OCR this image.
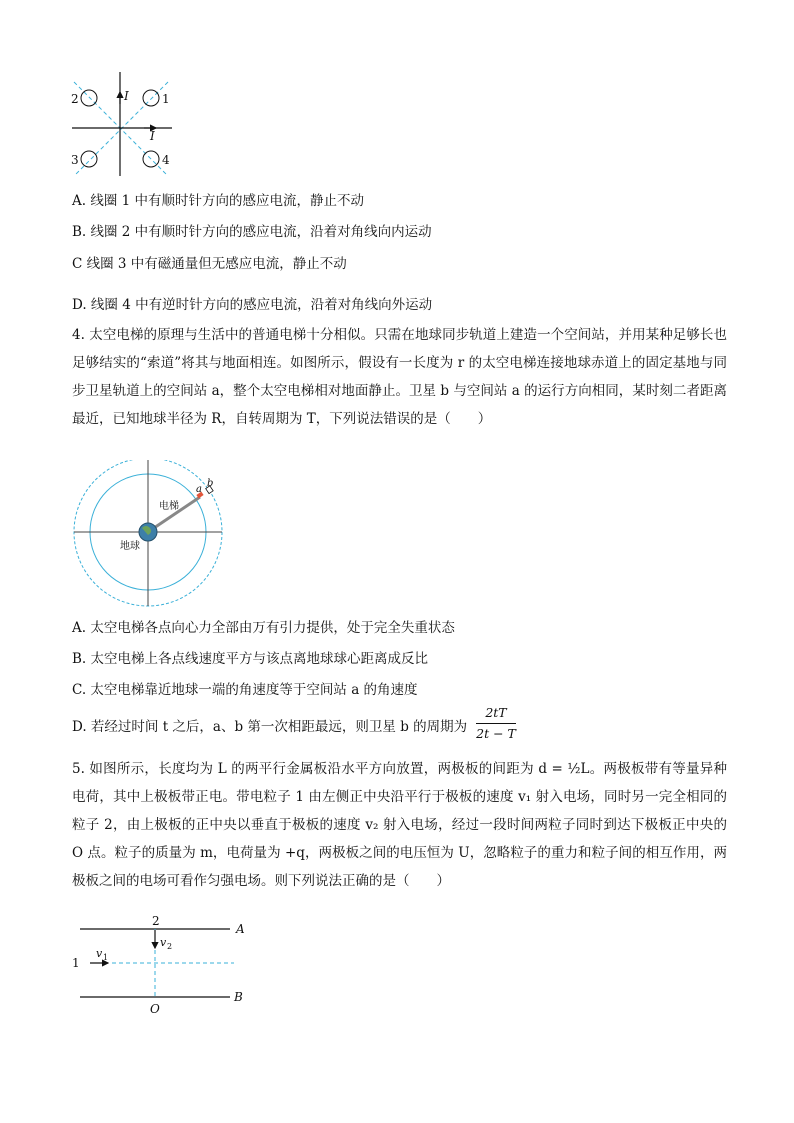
2	1
3	4
I
I
A. 线圈 1 中有顺时针方向的感应电流，静止不动
B. 线圈 2 中有顺时针方向的感应电流，沿着对角线向内运动
C 线圈 3 中有磁通量但无感应电流，静止不动
D. 线圈 4 中有逆时针方向的感应电流，沿着对角线向外运动
4. 太空电梯的原理与生活中的普通电梯十分相似。只需在地球同步轨道上建造一个空间站，并用某种足够长也足够结实的“索道”将其与地面相连。如图所示，假设有一长度为 r 的太空电梯连接地球赤道上的固定基地与同步卫星轨道上的空间站 a，整个太空电梯相对地面静止。卫星 b 与空间站 a 的运行方向相同，某时刻二者距离最近，已知地球半径为 R，自转周期为 T，下列说法错误的是（　　）
电梯
地球
a
b
A. 太空电梯各点向心力全部由万有引力提供，处于完全失重状态
B. 太空电梯上各点线速度平方与该点离地球球心距离成反比
C. 太空电梯靠近地球一端的角速度等于空间站 a 的角速度
D. 若经过时间 t 之后，a、b 第一次相距最远，则卫星 b 的周期为
2tT
2t − T
5. 如图所示，长度均为 L 的两平行金属板沿水平方向放置，两极板的间距为 d = ½L。两极板带有等量异种电荷，其中上极板带正电。带电粒子 1 由左侧正中央沿平行于极板的速度 v₁ 射入电场，同时另一完全相同的粒子 2，由上极板的正中央以垂直于极板的速度 v₂ 射入电场，经过一段时间两粒子同时到达下极板正中央的 O 点。粒子的质量为 m，电荷量为 +q，两极板之间的电压恒为 U，忽略粒子的重力和粒子间的相互作用，两极板之间的电场可看作匀强电场。则下列说法正确的是（　　）
2
v 2
A
1
v 1
B
O
